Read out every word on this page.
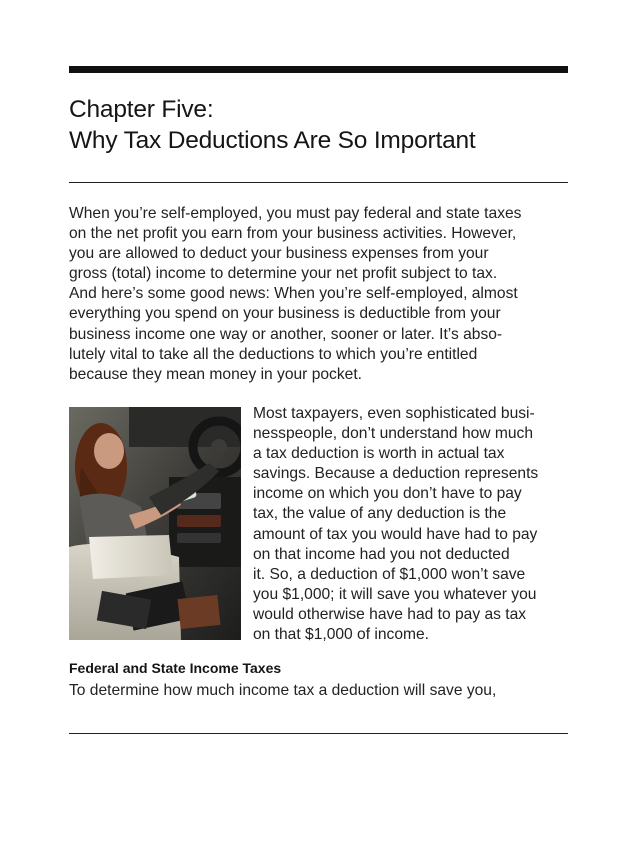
Chapter Five:
Why Tax Deductions Are So Important

When you’re self-employed, you must pay federal and state taxes
on the net profit you earn from your business activities. However,
you are allowed to deduct your business expenses from your
gross (total) income to determine your net profit subject to tax.
And here’s some good news: When you’re self-employed, almost
everything you spend on your business is deductible from your
business income one way or another, sooner or later. It’s abso-
lutely vital to take all the deductions to which you’re entitled
because they mean money in your pocket.

Most taxpayers, even sophisticated busi-
nesspeople, don’t understand how much
a tax deduction is worth in actual tax
savings. Because a deduction represents
income on which you don’t have to pay
tax, the value of any deduction is the
amount of tax you would have had to pay
on that income had you not deducted
it. So, a deduction of $1,000 won’t save
you $1,000; it will save you whatever you
would otherwise have had to pay as tax
on that $1,000 of income.

Federal and State Income Taxes

To determine how much income tax a deduction will save you,
